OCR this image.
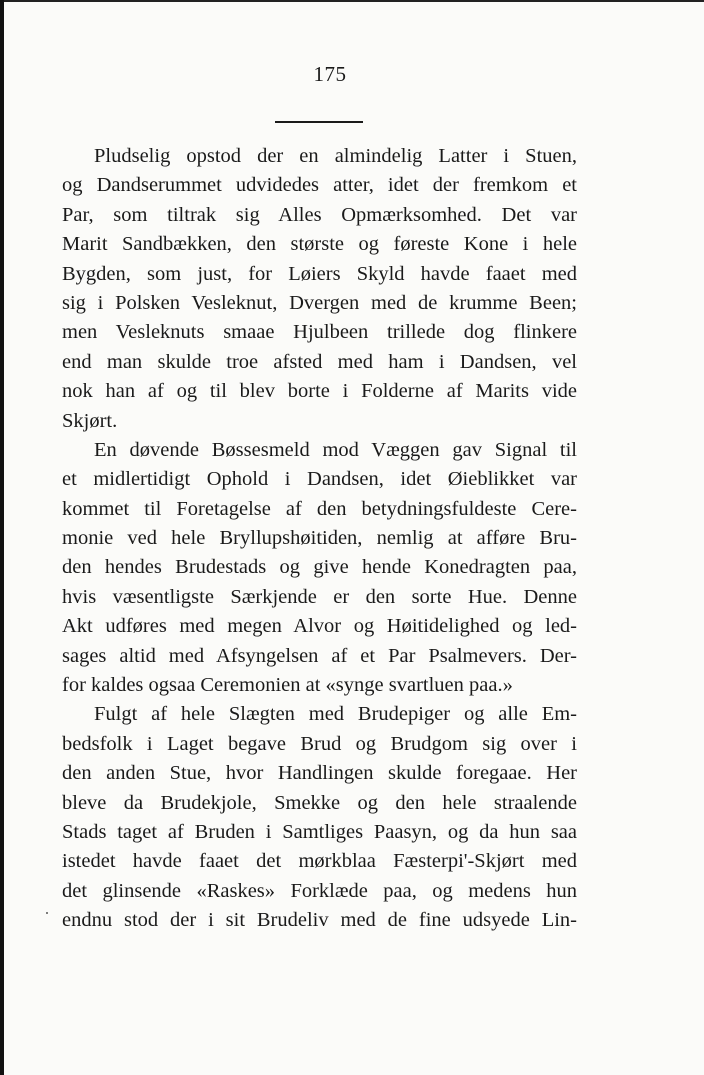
175

Pludselig opstod der en almindelig Latter i Stuen,
og Dandserummet udvidedes atter, idet der fremkom et
Par, som tiltrak sig Alles Opmærksomhed. Det var
Marit Sandbækken, den største og føreste Kone i hele
Bygden, som just, for Løiers Skyld havde faaet med
sig i Polsken Vesleknut, Dvergen med de krumme Been;
men Vesleknuts smaae Hjulbeen trillede dog flinkere
end man skulde troe afsted med ham i Dandsen, vel
nok han af og til blev borte i Folderne af Marits vide
Skjørt.

En døvende Bøssesmeld mod Væggen gav Signal til
et midlertidigt Ophold i Dandsen, idet Øieblikket var
kommet til Foretagelse af den betydningsfuldeste Cere-
monie ved hele Bryllupshøitiden, nemlig at afføre Bru-
den hendes Brudestads og give hende Konedragten paa,
hvis væsentligste Særkjende er den sorte Hue. Denne
Akt udføres med megen Alvor og Høitidelighed og led-
sages altid med Afsyngelsen af et Par Psalmevers. Der-
for kaldes ogsaa Ceremonien at «synge svartluen paa.»

Fulgt af hele Slægten med Brudepiger og alle Em-
bedsfolk i Laget begave Brud og Brudgom sig over i
den anden Stue, hvor Handlingen skulde foregaae. Her
bleve da Brudekjole, Smekke og den hele straalende
Stads taget af Bruden i Samtliges Paasyn, og da hun saa
istedet havde faaet det mørkblaa Fæsterpi'-Skjørt med
det glinsende «Raskes» Forklæde paa, og medens hun
endnu stod der i sit Brudeliv med de fine udsyede Lin-
